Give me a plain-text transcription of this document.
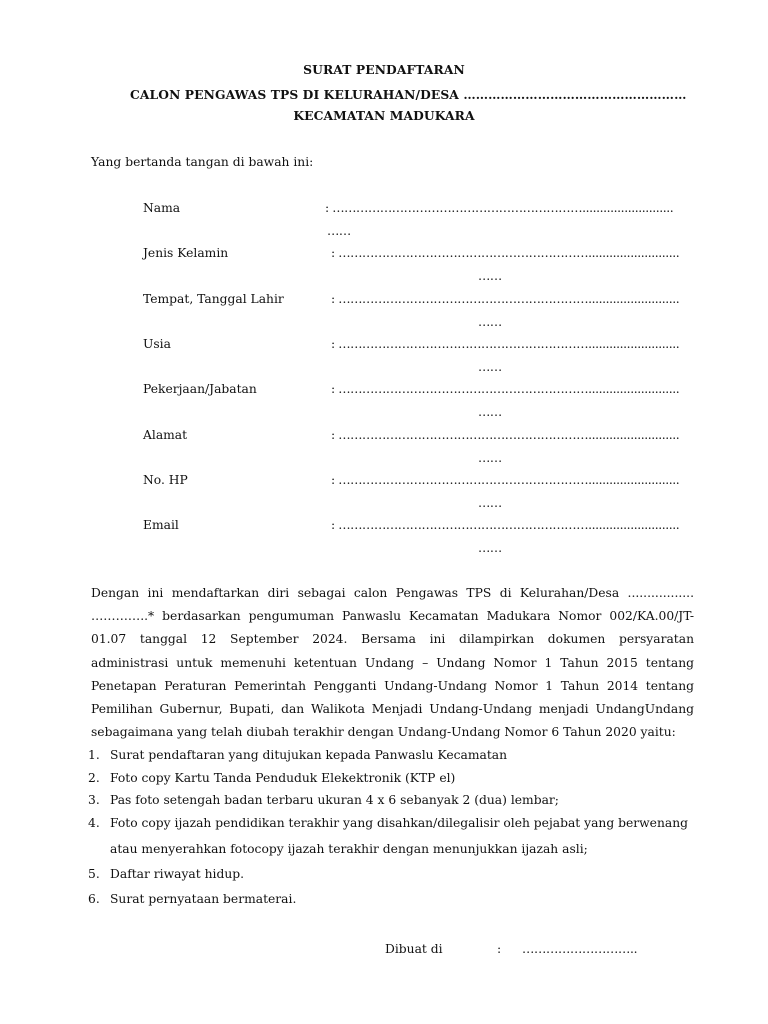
SURAT PENDAFTARAN
CALON PENGAWAS TPS DI KELURAHAN/DESA ………………………………………………
KECAMATAN MADUKARA
Yang bertanda tangan di bawah ini:
Nama	: ………………………………………………………..........................
……
Jenis Kelamin	: ………………………………………………………..........................
……
Tempat, Tanggal Lahir	: ………………………………………………………..........................
……
Usia	: ………………………………………………………..........................
……
Pekerjaan/Jabatan	: ………………………………………………………..........................
……
Alamat	: ………………………………………………………..........................
……
No. HP	: ………………………………………………………..........................
……
Email	: ………………………………………………………..........................
……
Dengan ini mendaftarkan diri sebagai calon Pengawas TPS di Kelurahan/Desa .................
…………..* berdasarkan pengumuman Panwaslu Kecamatan Madukara Nomor 002/KA.00/JT-
01.07 tanggal 12 September 2024. Bersama ini dilampirkan dokumen persyaratan
administrasi untuk memenuhi ketentuan Undang – Undang Nomor 1 Tahun 2015 tentang
Penetapan Peraturan Pemerintah Pengganti Undang-Undang Nomor 1 Tahun 2014 tentang
Pemilihan Gubernur, Bupati, dan Walikota Menjadi Undang-Undang menjadi UndangUndang
sebagaimana yang telah diubah terakhir dengan Undang-Undang Nomor 6 Tahun 2020 yaitu:
1. Surat pendaftaran yang ditujukan kepada Panwaslu Kecamatan
2. Foto copy Kartu Tanda Penduduk Elekektronik (KTP el)
3. Pas foto setengah badan terbaru ukuran 4 x 6 sebanyak 2 (dua) lembar;
4. Foto copy ijazah pendidikan terakhir yang disahkan/dilegalisir oleh pejabat yang berwenang
atau menyerahkan fotocopy ijazah terakhir dengan menunjukkan ijazah asli;
5. Daftar riwayat hidup.
6. Surat pernyataan bermaterai.
Dibuat di	: ………………………..
